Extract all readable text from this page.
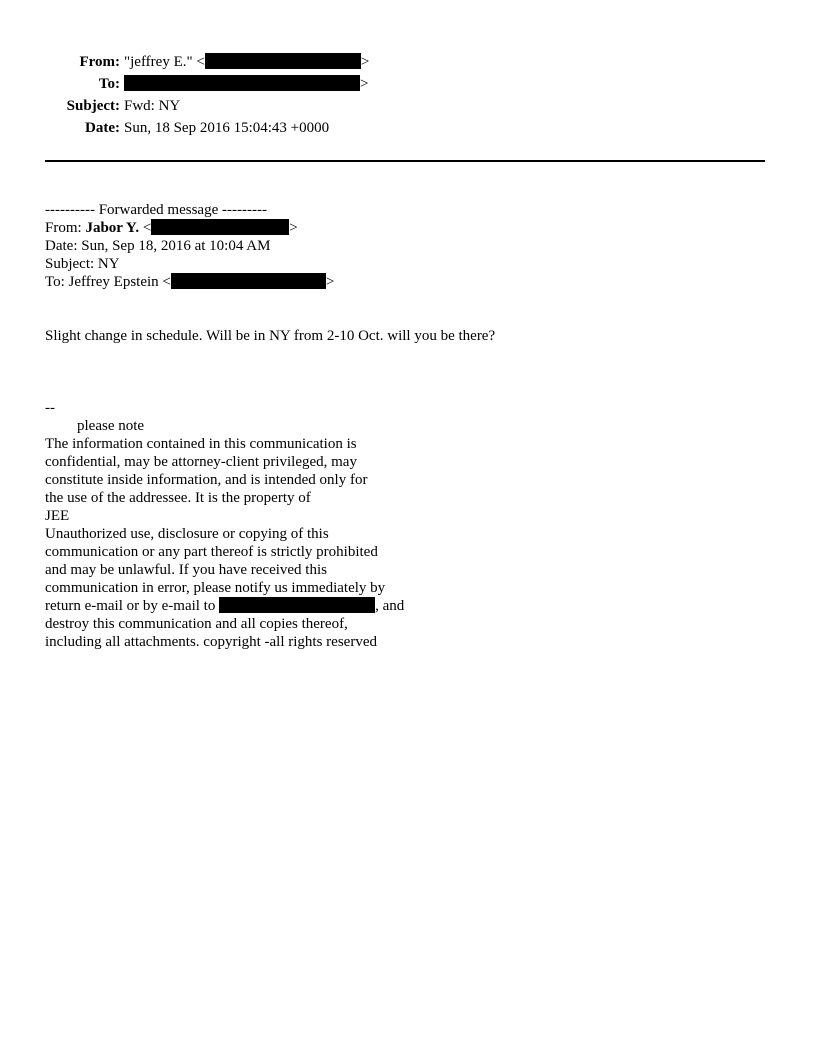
From: "jeffrey E." <	>
To:	>
Subject: Fwd: NY
Date: Sun, 18 Sep 2016 15:04:43 +0000
---------- Forwarded message ---------
From: Jabor Y. <	>
Date: Sun, Sep 18, 2016 at 10:04 AM
Subject: NY
To: Jeffrey Epstein <	>
Slight change in schedule. Will be in NY from 2-10 Oct. will you be there?
--
please note
The information contained in this communication is
confidential, may be attorney-client privileged, may
constitute inside information, and is intended only for
the use of the addressee. It is the property of
JEE
Unauthorized use, disclosure or copying of this
communication or any part thereof is strictly prohibited
and may be unlawful. If you have received this
communication in error, please notify us immediately by
return e-mail or by e-mail to	, and
destroy this communication and all copies thereof,
including all attachments. copyright -all rights reserved
